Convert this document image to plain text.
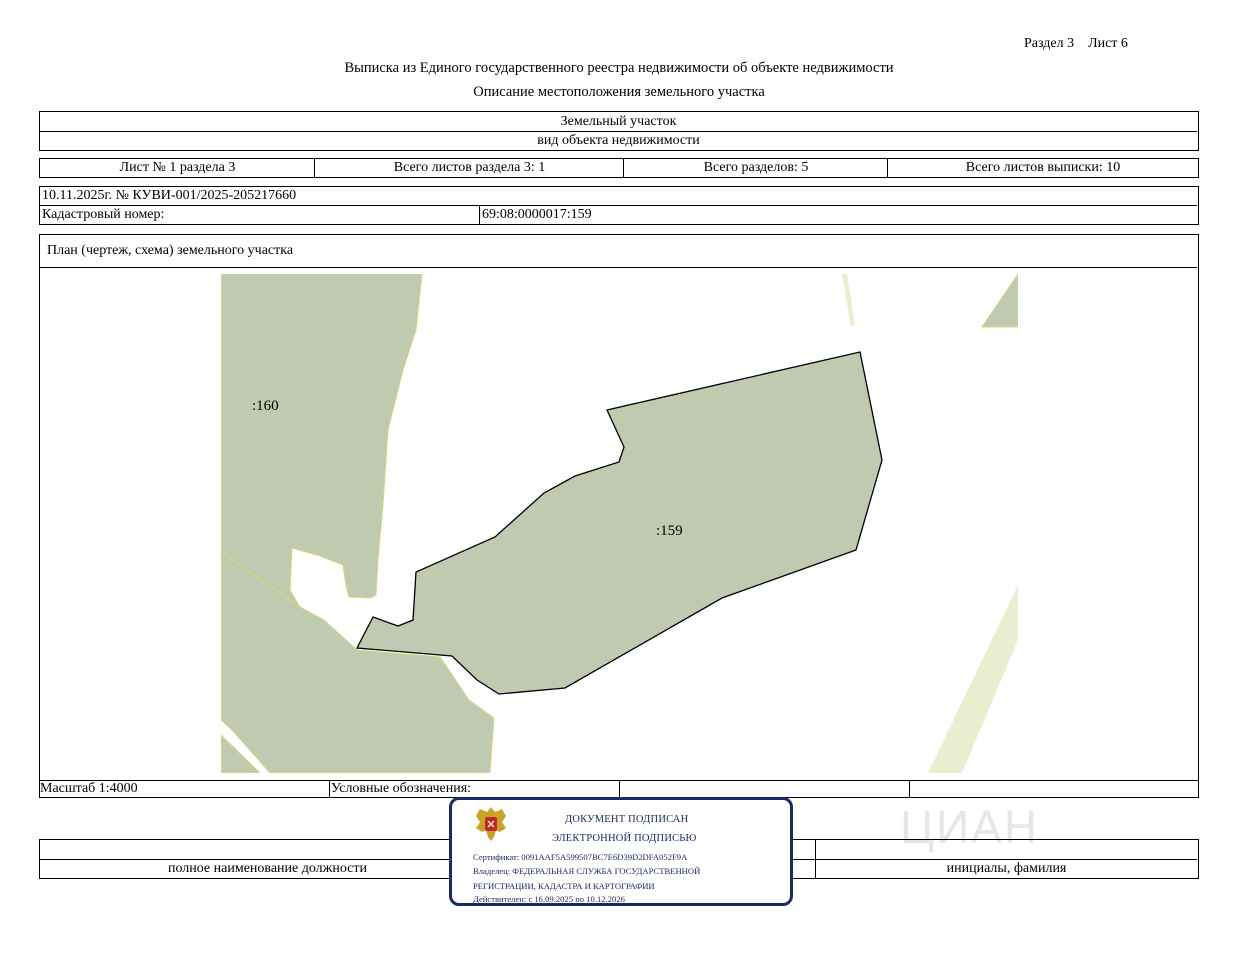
Раздел 3 Лист 6
Выписка из Единого государственного реестра недвижимости об объекте недвижимости
Описание местоположения земельного участка
Земельный участок
вид объекта недвижимости
Лист № 1 раздела 3	Всего листов раздела 3: 1	Всего разделов: 5	Всего листов выписки: 10
10.11.2025г. № КУВИ-001/2025-205217660
Кадастровый номер:	69:08:0000017:159
План (чертеж, схема) земельного участка
:160
:159
Масштаб 1:4000	Условные обозначения:
ЦИАН
полное наименование должности	инициалы, фамилия
ДОКУМЕНТ ПОДПИСАН
ЭЛЕКТРОННОЙ ПОДПИСЬЮ
Сертификат: 0091AAF5A599507BC7E6D39D2DFA052F9A
Владелец: ФЕДЕРАЛЬНАЯ СЛУЖБА ГОСУДАРСТВЕННОЙ
РЕГИСТРАЦИИ, КАДАСТРА И КАРТОГРАФИИ
Действителен: с 16.09.2025 по 10.12.2026
